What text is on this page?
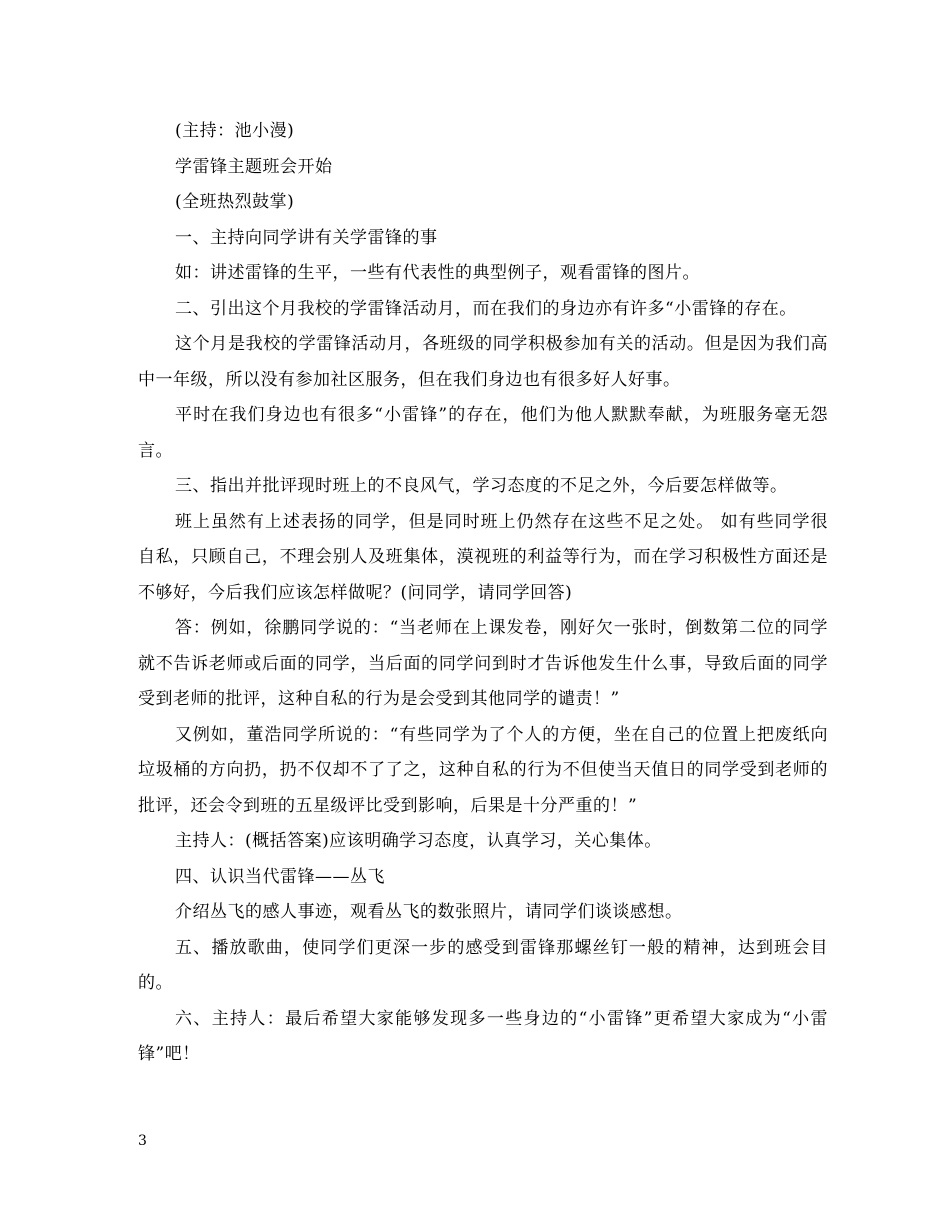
(主持：池小漫)

学雷锋主题班会开始

(全班热烈鼓掌)

一、主持向同学讲有关学雷锋的事

如：讲述雷锋的生平，一些有代表性的典型例子，观看雷锋的图片。

二、引出这个月我校的学雷锋活动月，而在我们的身边亦有许多“小雷锋的存在。

这个月是我校的学雷锋活动月，各班级的同学积极参加有关的活动。但是因为我们高中一年级，所以没有参加社区服务，但在我们身边也有很多好人好事。

平时在我们身边也有很多“小雷锋”的存在，他们为他人默默奉献，为班服务毫无怨言。

三、指出并批评现时班上的不良风气，学习态度的不足之外，今后要怎样做等。

班上虽然有上述表扬的同学，但是同时班上仍然存在这些不足之处。 如有些同学很自私，只顾自己，不理会别人及班集体，漠视班的利益等行为，而在学习积极性方面还是不够好，今后我们应该怎样做呢？(问同学，请同学回答)

答：例如，徐鹏同学说的：“当老师在上课发卷，刚好欠一张时，倒数第二位的同学就不告诉老师或后面的同学，当后面的同学问到时才告诉他发生什么事，导致后面的同学受到老师的批评，这种自私的行为是会受到其他同学的谴责！”

又例如，董浩同学所说的：“有些同学为了个人的方便，坐在自己的位置上把废纸向垃圾桶的方向扔，扔不仅却不了了之，这种自私的行为不但使当天值日的同学受到老师的批评，还会令到班的五星级评比受到影响，后果是十分严重的！”

主持人：(概括答案)应该明确学习态度，认真学习，关心集体。

四、认识当代雷锋——丛飞

介绍丛飞的感人事迹，观看丛飞的数张照片，请同学们谈谈感想。

五、播放歌曲，使同学们更深一步的感受到雷锋那螺丝钉一般的精神，达到班会目的。

六、主持人：最后希望大家能够发现多一些身边的“小雷锋”更希望大家成为“小雷锋”吧！

3
